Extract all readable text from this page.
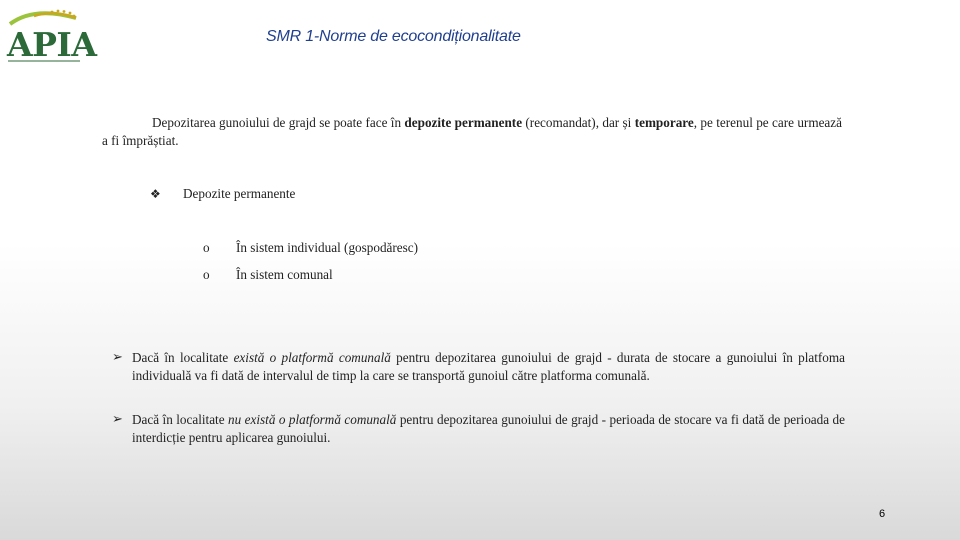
APIA	SMR 1-Norme de ecocondiționalitate
Depozitarea gunoiului de grajd se poate face în depozite permanente (recomandat), dar și temporare, pe terenul pe care urmează a fi împrăștiat.
❖ Depozite permanente
o În sistem individual (gospodăresc)
o În sistem comunal
➢ Dacă în localitate există o platformă comunală pentru depozitarea gunoiului de grajd - durata de stocare a gunoiului în platfoma individuală va fi dată de intervalul de timp la care se transportă gunoiul către platforma comunală.
➢ Dacă în localitate nu există o platformă comunală pentru depozitarea gunoiului de grajd - perioada de stocare va fi dată de perioada de interdicție pentru aplicarea gunoiului.
6
